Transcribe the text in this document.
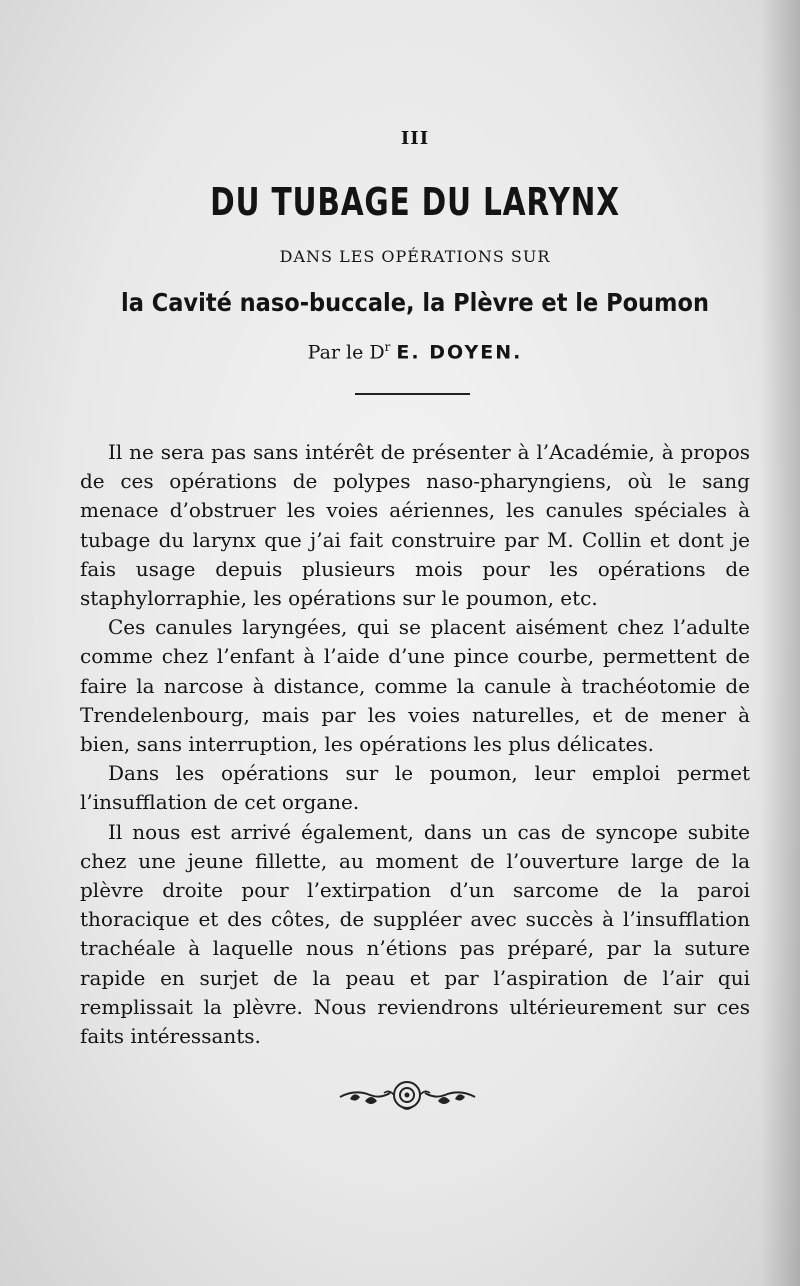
III
DU TUBAGE DU LARYNX
DANS LES OPÉRATIONS SUR
la Cavité naso-buccale, la Plèvre et le Poumon
Par le $D^r$ E. DOYEN.

Il ne sera pas sans intérêt de présenter à l’Académie, à propos de ces opérations de polypes naso-pharyngiens, où le sang menace d’obstruer les voies aériennes, les canules spéciales à tubage du larynx que j’ai fait construire par M. Collin et dont je fais usage depuis plusieurs mois pour les opérations de staphylorraphie, les opérations sur le poumon, etc.

Ces canules laryngées, qui se placent aisément chez l’adulte comme chez l’enfant à l’aide d’une pince courbe, permettent de faire la narcose à distance, comme la canule à trachéotomie de Trendelenbourg, mais par les voies naturelles, et de mener à bien, sans interruption, les opérations les plus délicates.

Dans les opérations sur le poumon, leur emploi permet l’insufflation de cet organe.

Il nous est arrivé également, dans un cas de syncope subite chez une jeune fillette, au moment de l’ouverture large de la plèvre droite pour l’extirpation d’un sarcome de la paroi thoracique et des côtes, de suppléer avec succès à l’insufflation trachéale à laquelle nous n’étions pas préparé, par la suture rapide en surjet de la peau et par l’aspiration de l’air qui remplissait la plèvre. Nous reviendrons ultérieurement sur ces faits intéressants.
